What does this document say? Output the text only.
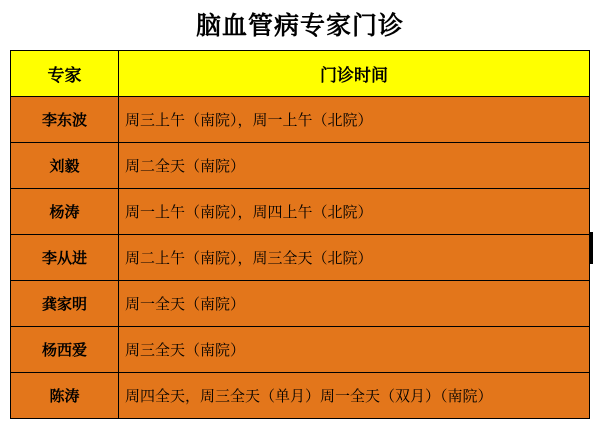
脑血管病专家门诊
专家	门诊时间
李东波	周三上午（南院），周一上午（北院）
刘毅	周二全天（南院）
杨涛	周一上午（南院），周四上午（北院）
李从进	周二上午（南院），周三全天（北院）
龚家明	周一全天（南院）
杨西爱	周三全天（南院）
陈涛	周四全天，周三全天（单月）周一全天（双月）（南院）
